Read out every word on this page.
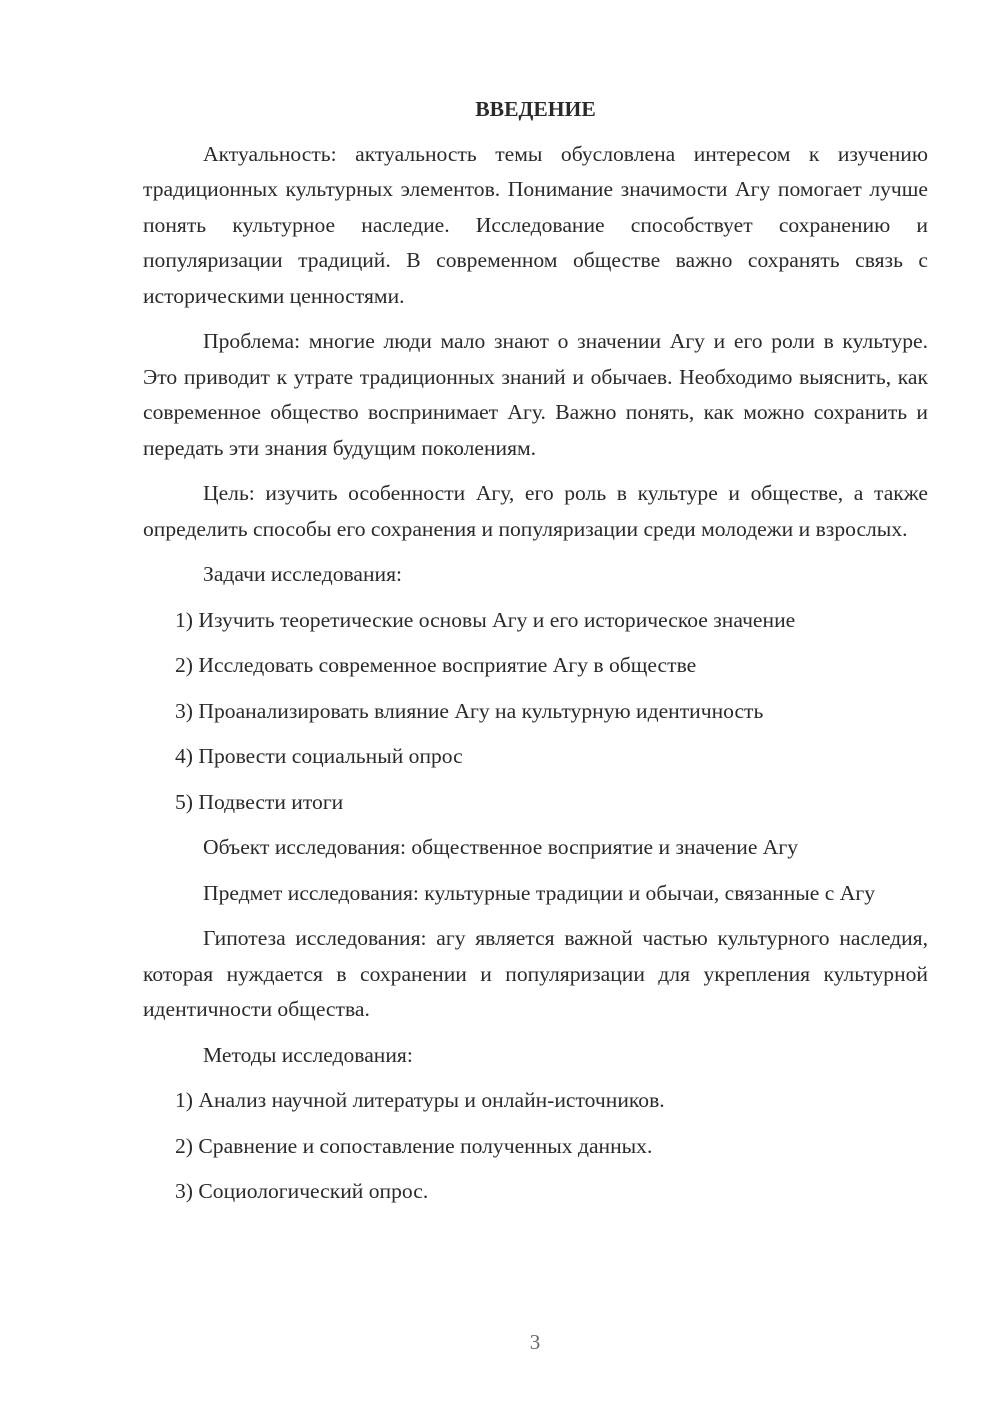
ВВЕДЕНИЕ

Актуальность: актуальность темы обусловлена интересом к изучению традиционных культурных элементов. Понимание значимости Агу помогает лучше понять культурное наследие. Исследование способствует сохранению и популяризации традиций. В современном обществе важно сохранять связь с историческими ценностями.

Проблема: многие люди мало знают о значении Агу и его роли в культуре. Это приводит к утрате традиционных знаний и обычаев. Необходимо выяснить, как современное общество воспринимает Агу. Важно понять, как можно сохранить и передать эти знания будущим поколениям.

Цель: изучить особенности Агу, его роль в культуре и обществе, а также определить способы его сохранения и популяризации среди молодежи и взрослых.

Задачи исследования:

1) Изучить теоретические основы Агу и его историческое значение

2) Исследовать современное восприятие Агу в обществе

3) Проанализировать влияние Агу на культурную идентичность

4) Провести социальный опрос

5) Подвести итоги

Объект исследования: общественное восприятие и значение Агу

Предмет исследования: культурные традиции и обычаи, связанные с Агу

Гипотеза исследования: агу является важной частью культурного наследия, которая нуждается в сохранении и популяризации для укрепления культурной идентичности общества.

Методы исследования:

1) Анализ научной литературы и онлайн-источников.

2) Сравнение и сопоставление полученных данных.

3) Социологический опрос.

3
